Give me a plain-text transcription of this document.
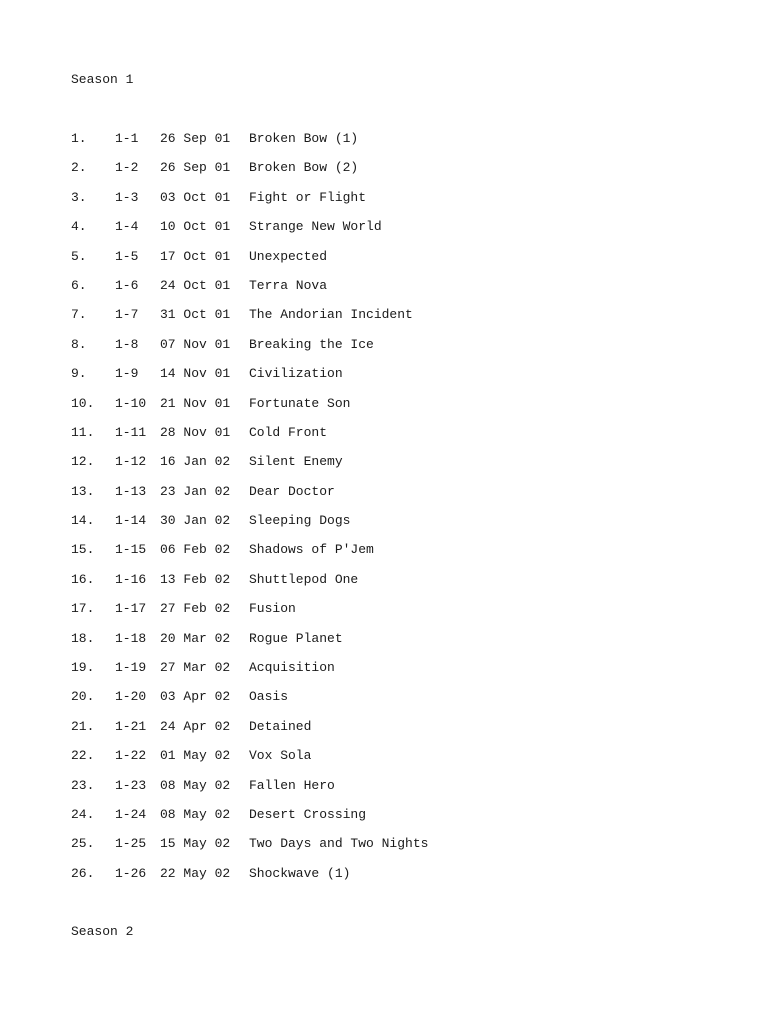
Season 1
1.	1-1	26 Sep 01	Broken Bow (1)
2.	1-2	26 Sep 01	Broken Bow (2)
3.	1-3	03 Oct 01	Fight or Flight
4.	1-4	10 Oct 01	Strange New World
5.	1-5	17 Oct 01	Unexpected
6.	1-6	24 Oct 01	Terra Nova
7.	1-7	31 Oct 01	The Andorian Incident
8.	1-8	07 Nov 01	Breaking the Ice
9.	1-9	14 Nov 01	Civilization
10.	1-10	21 Nov 01	Fortunate Son
11.	1-11	28 Nov 01	Cold Front
12.	1-12	16 Jan 02	Silent Enemy
13.	1-13	23 Jan 02	Dear Doctor
14.	1-14	30 Jan 02	Sleeping Dogs
15.	1-15	06 Feb 02	Shadows of P'Jem
16.	1-16	13 Feb 02	Shuttlepod One
17.	1-17	27 Feb 02	Fusion
18.	1-18	20 Mar 02	Rogue Planet
19.	1-19	27 Mar 02	Acquisition
20.	1-20	03 Apr 02	Oasis
21.	1-21	24 Apr 02	Detained
22.	1-22	01 May 02	Vox Sola
23.	1-23	08 May 02	Fallen Hero
24.	1-24	08 May 02	Desert Crossing
25.	1-25	15 May 02	Two Days and Two Nights
26.	1-26	22 May 02	Shockwave (1)
Season 2
